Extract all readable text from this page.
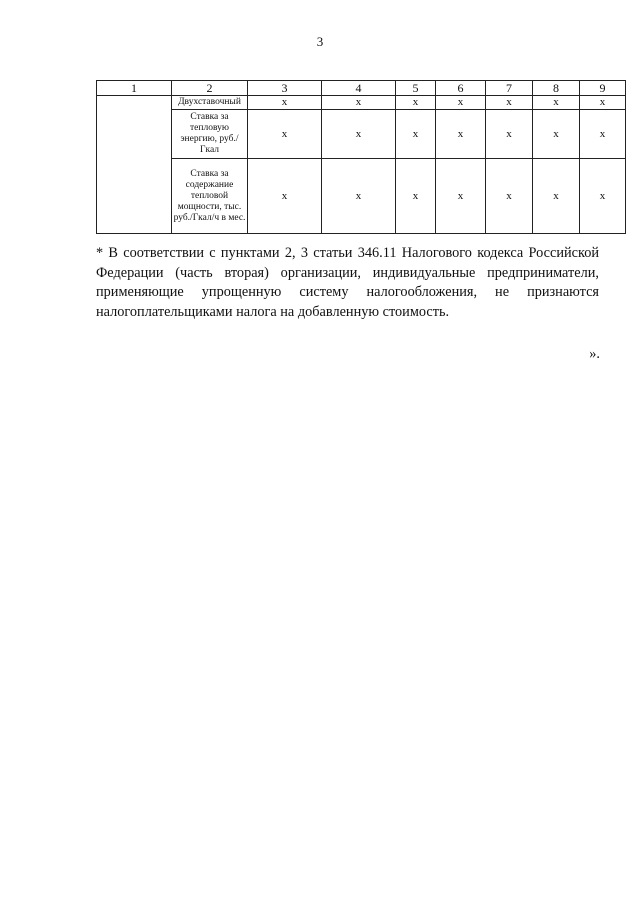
3
1	2	3	4	5	6	7	8	9
	Двухставочный	x	x	x	x	x	x	x
	Ставка за тепловую энергию, руб./Гкал	x	x	x	x	x	x	x
	Ставка за содержание тепловой мощности, тыс. руб./Гкал/ч в мес.	x	x	x	x	x	x	x

* В соответствии с пунктами 2, 3 статьи 346.11 Налогового кодекса Российской Федерации (часть вторая) организации, индивидуальные предприниматели, применяющие упрощенную систему налогообложения, не признаются налогоплательщиками налога на добавленную стоимость.

».
